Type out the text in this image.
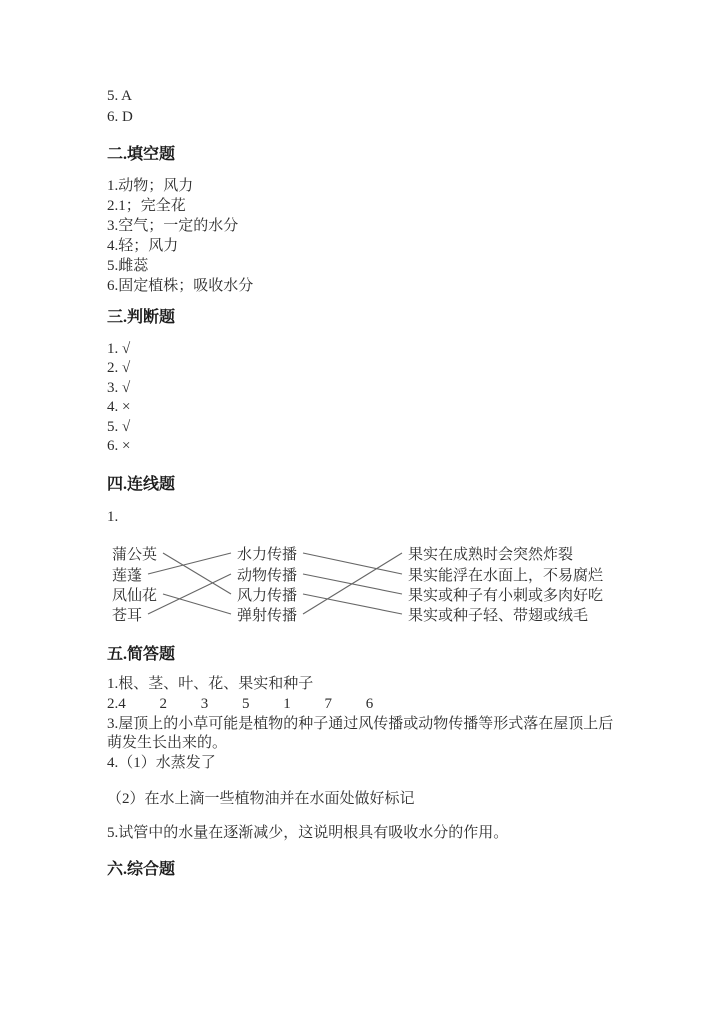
5. A
6. D
二.填空题
1.动物；风力
2.1；完全花
3.空气；一定的水分
4.轻；风力
5.雌蕊
6.固定植株；吸收水分
三.判断题
1. √
2. √
3. √
4. ×
5. √
6. ×
四.连线题
1.
蒲公英
莲蓬
凤仙花
苍耳
水力传播
动物传播
风力传播
弹射传播
果实在成熟时会突然炸裂
果实能浮在水面上，不易腐烂
果实或种子有小刺或多肉好吃
果实或种子轻、带翅或绒毛
五.简答题
1.根、茎、叶、花、果实和种子
2.4         2         3         5         1         7         6
3.屋顶上的小草可能是植物的种子通过风传播或动物传播等形式落在屋顶上后
萌发生长出来的。
4.（1）水蒸发了
（2）在水上滴一些植物油并在水面处做好标记
5.试管中的水量在逐渐减少，这说明根具有吸收水分的作用。
六.综合题
